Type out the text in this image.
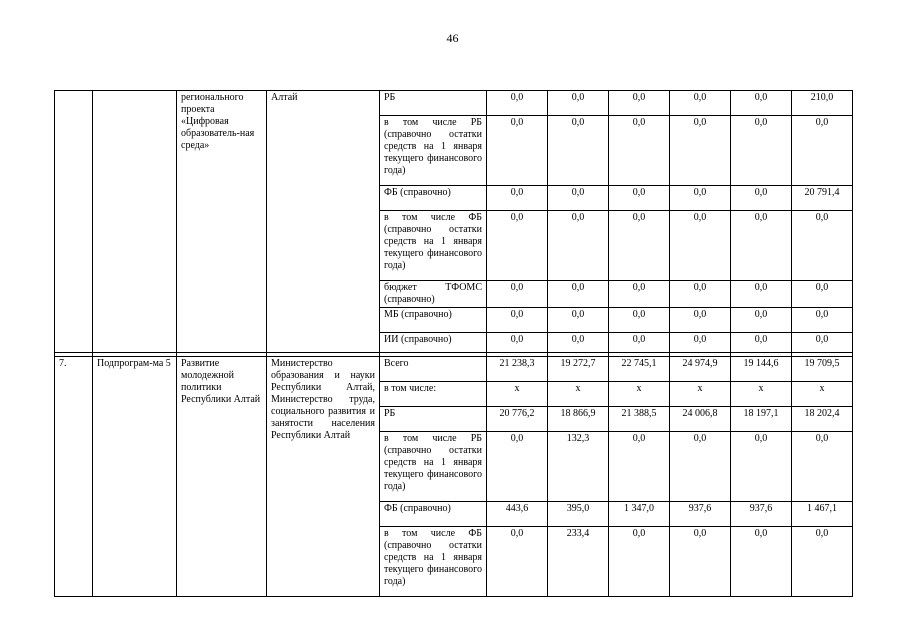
46
		регионального проекта «Цифровая образователь-ная среда»	Алтай	РБ	0,0	0,0	0,0	0,0	0,0	210,0
				в том числе РБ (справочно остатки средств на 1 января текущего финансового года)	0,0	0,0	0,0	0,0	0,0	0,0
				ФБ (справочно)	0,0	0,0	0,0	0,0	0,0	20 791,4
				в том числе ФБ (справочно остатки средств на 1 января текущего финансового года)	0,0	0,0	0,0	0,0	0,0	0,0
				бюджет ТФОМС (справочно)	0,0	0,0	0,0	0,0	0,0	0,0
				МБ (справочно)	0,0	0,0	0,0	0,0	0,0	0,0
				ИИ (справочно)	0,0	0,0	0,0	0,0	0,0	0,0

7.	Подпрограм-ма 5	Развитие молодежной политики Республики Алтай	Министерство образования и науки Республики Алтай, Министерство труда, социального развития и занятости населения Республики Алтай	Всего	21 238,3	19 272,7	22 745,1	24 974,9	19 144,6	19 709,5
				в том числе:	х	х	х	х	х	х
				РБ	20 776,2	18 866,9	21 388,5	24 006,8	18 197,1	18 202,4
				в том числе РБ (справочно остатки средств на 1 января текущего финансового года)	0,0	132,3	0,0	0,0	0,0	0,0
				ФБ (справочно)	443,6	395,0	1 347,0	937,6	937,6	1 467,1
				в том числе ФБ (справочно остатки средств на 1 января текущего финансового года)	0,0	233,4	0,0	0,0	0,0	0,0
